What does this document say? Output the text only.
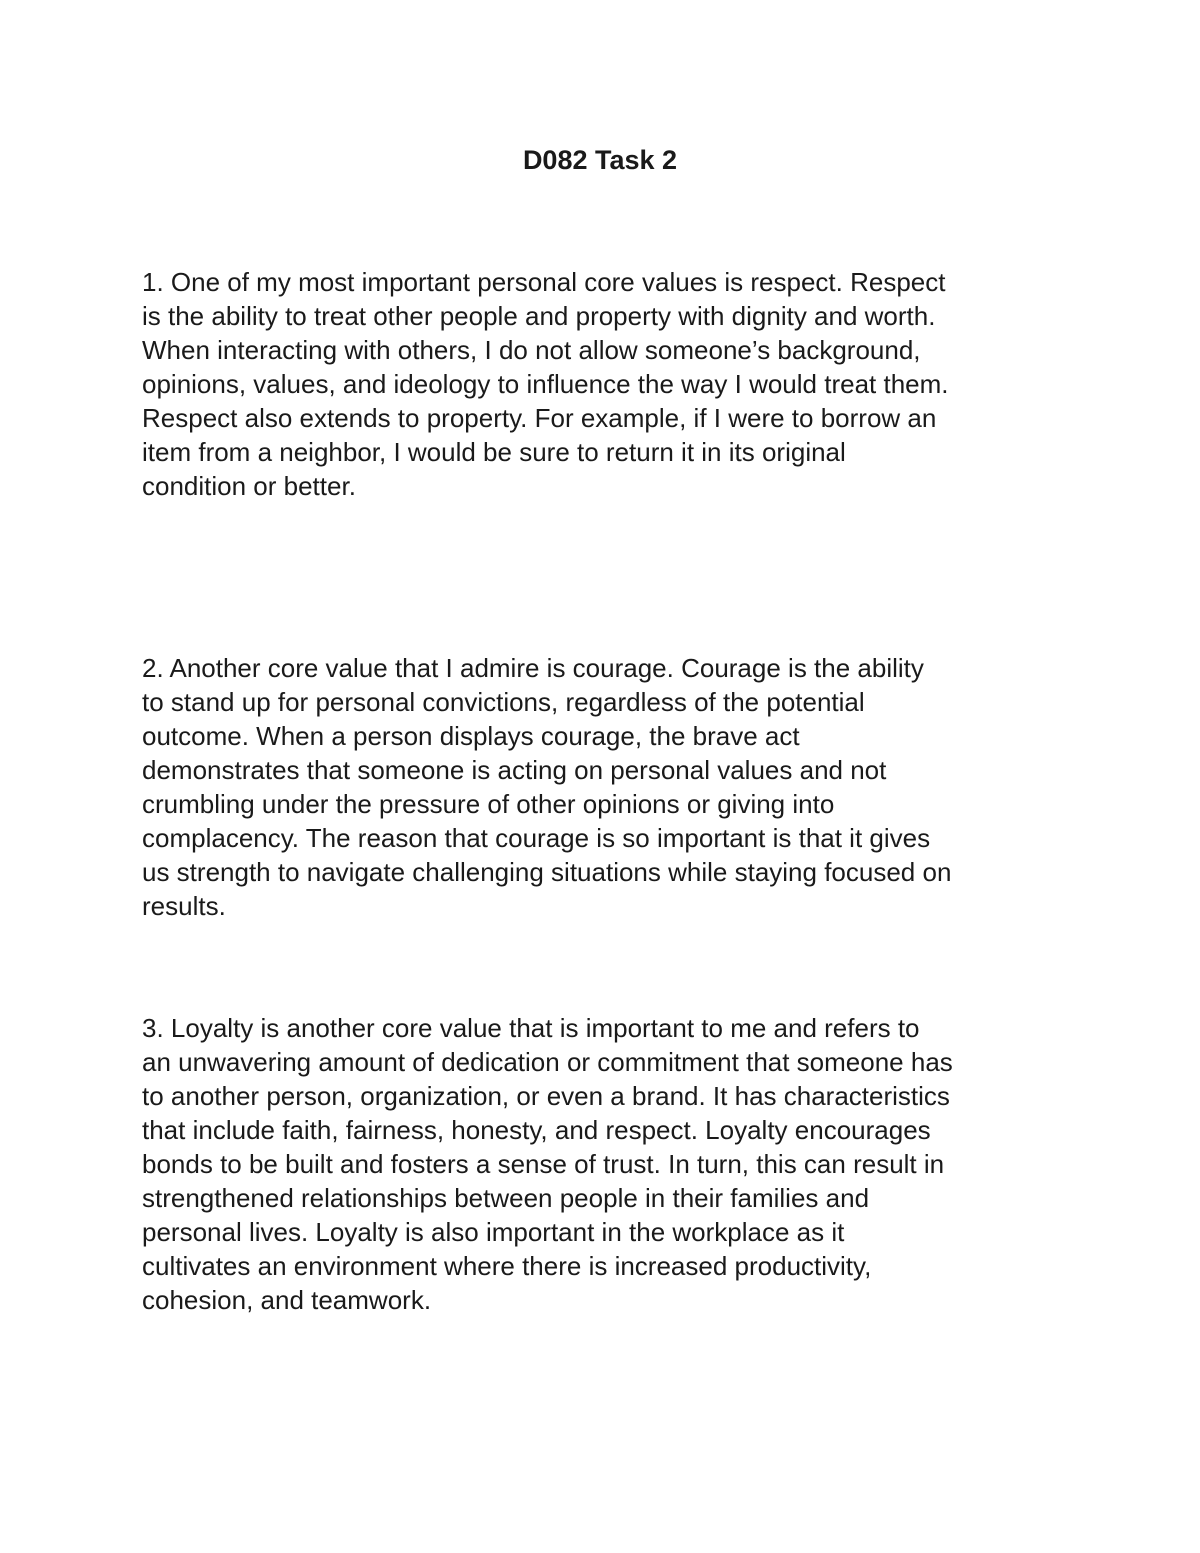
D082 Task 2

1. One of my most important personal core values is respect. Respect
is the ability to treat other people and property with dignity and worth.
When interacting with others, I do not allow someone’s background,
opinions, values, and ideology to influence the way I would treat them.
Respect also extends to property. For example, if I were to borrow an
item from a neighbor, I would be sure to return it in its original
condition or better.

2. Another core value that I admire is courage. Courage is the ability
to stand up for personal convictions, regardless of the potential
outcome. When a person displays courage, the brave act
demonstrates that someone is acting on personal values and not
crumbling under the pressure of other opinions or giving into
complacency. The reason that courage is so important is that it gives
us strength to navigate challenging situations while staying focused on
results.

3. Loyalty is another core value that is important to me and refers to
an unwavering amount of dedication or commitment that someone has
to another person, organization, or even a brand. It has characteristics
that include faith, fairness, honesty, and respect. Loyalty encourages
bonds to be built and fosters a sense of trust. In turn, this can result in
strengthened relationships between people in their families and
personal lives. Loyalty is also important in the workplace as it
cultivates an environment where there is increased productivity,
cohesion, and teamwork.
